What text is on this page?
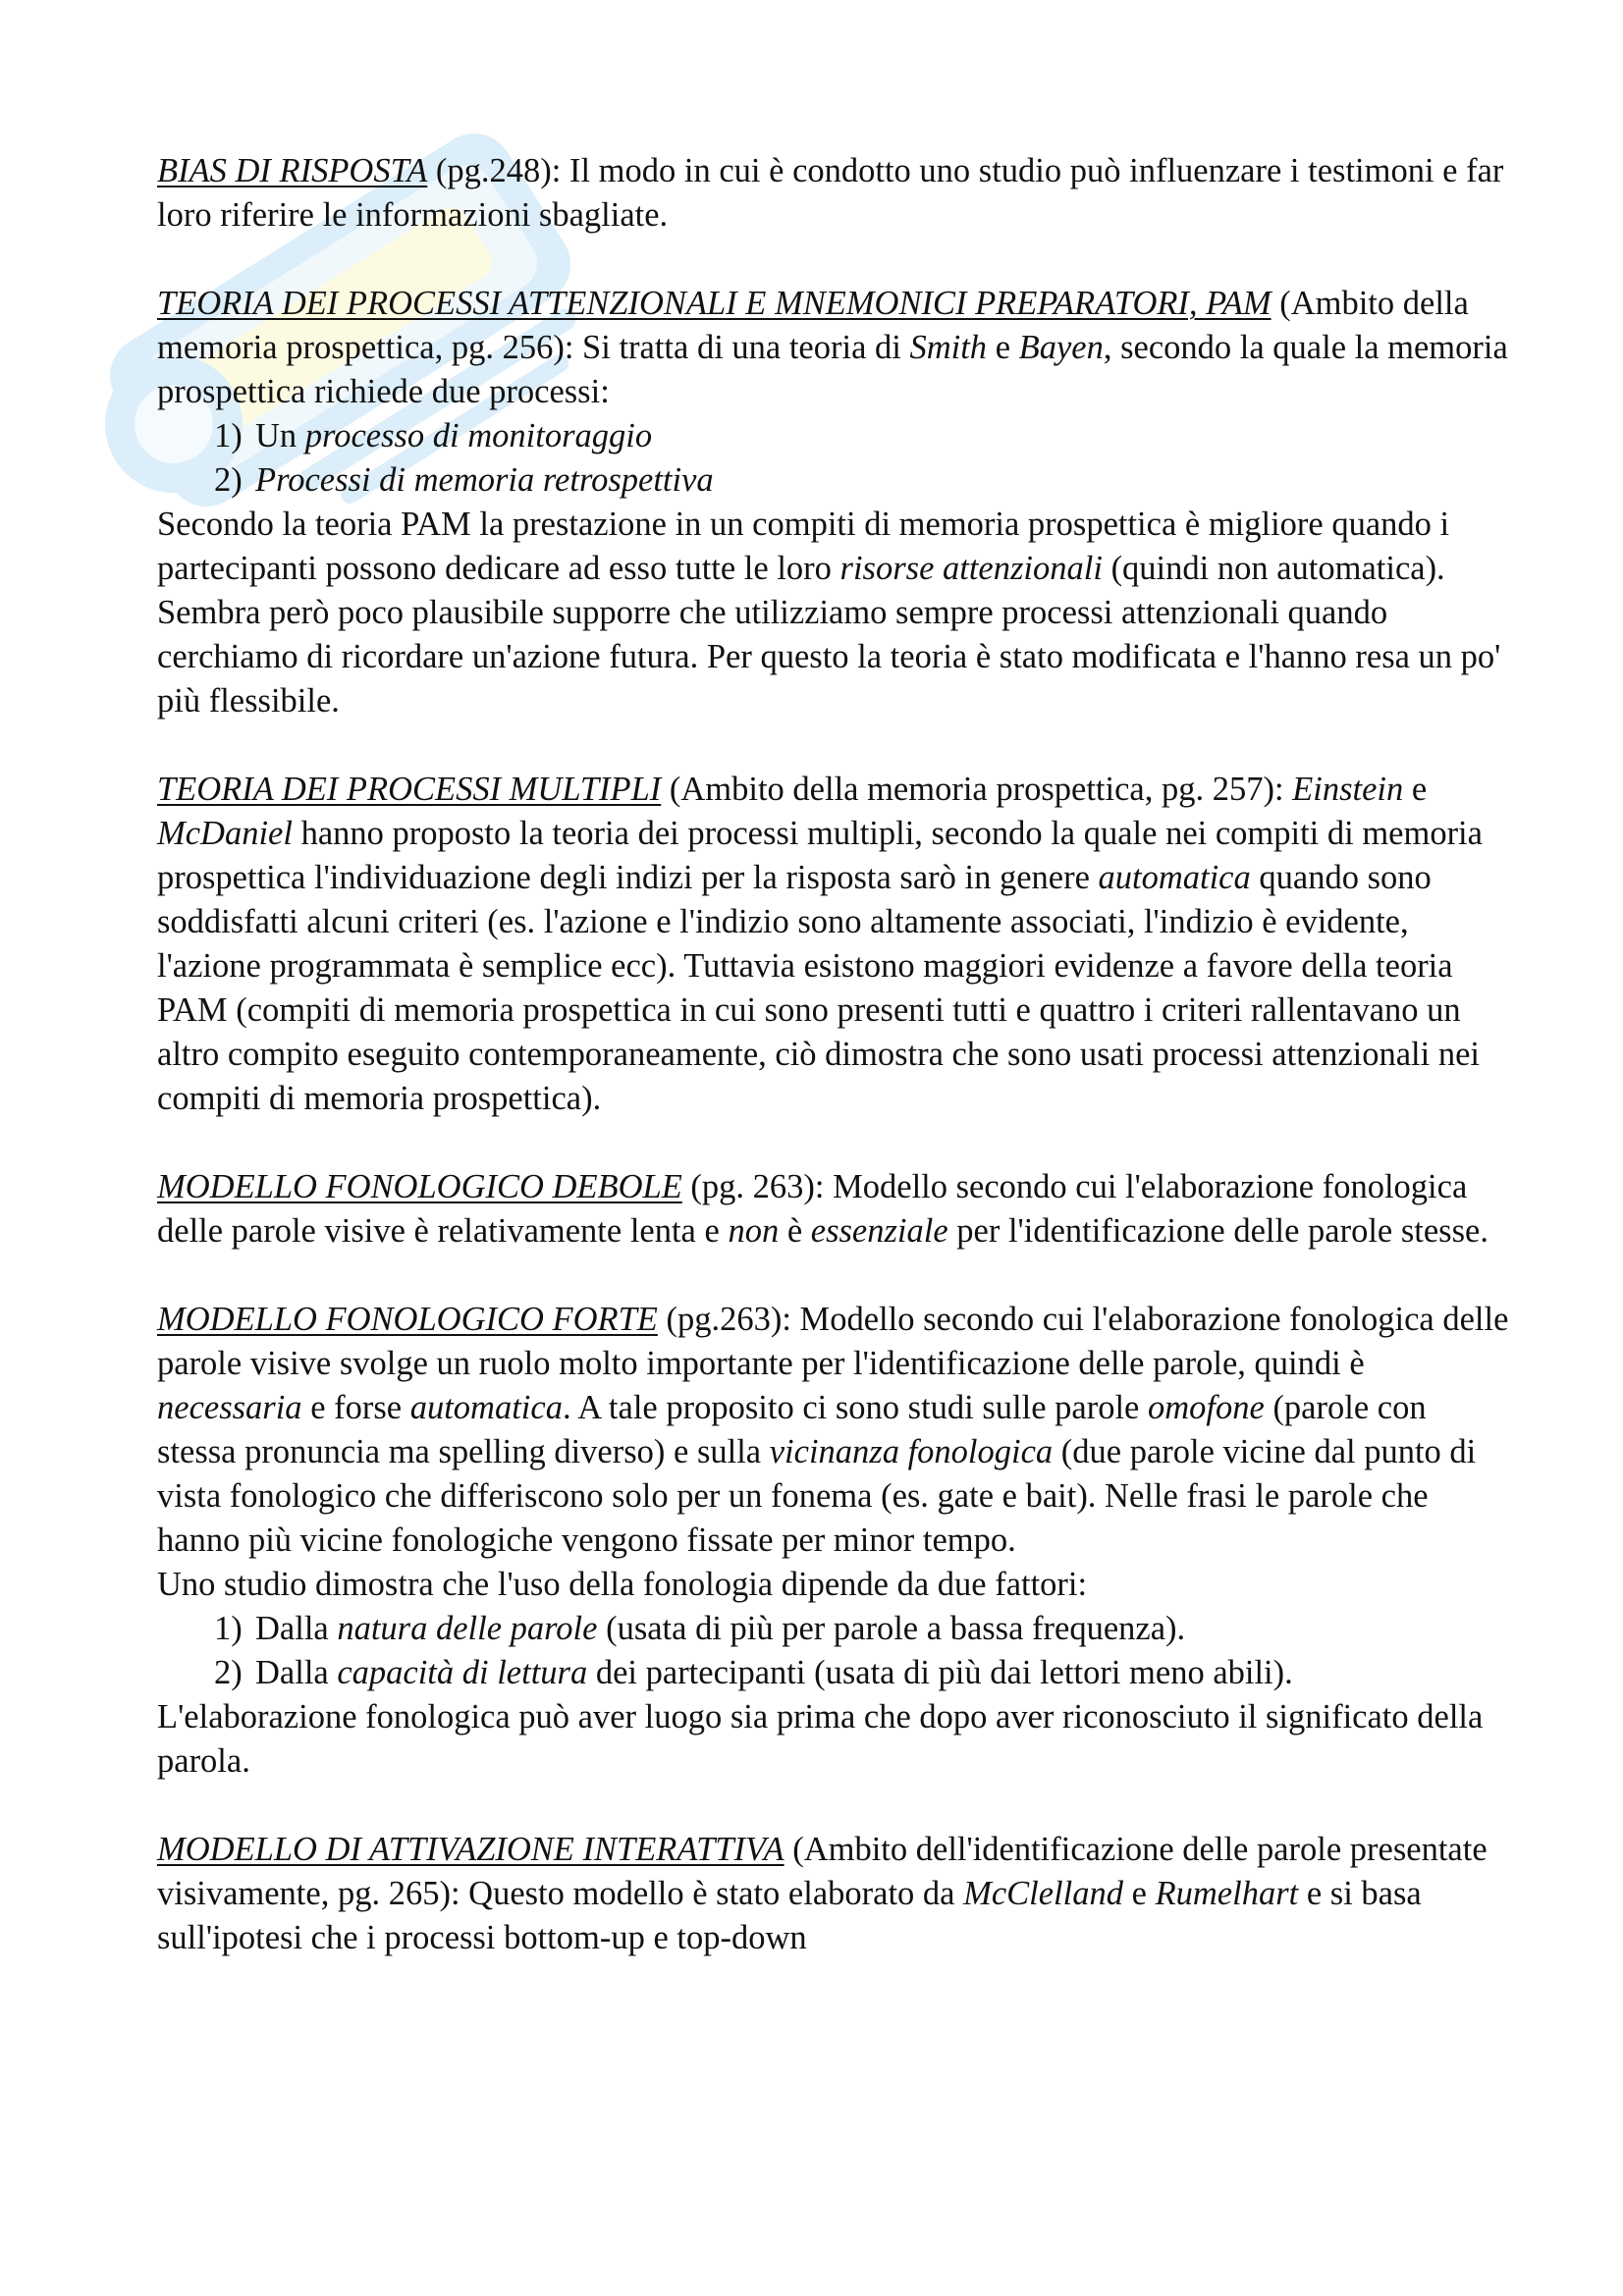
BIAS DI RISPOSTA (pg.248): Il modo in cui è condotto uno studio può influenzare i testimoni e far loro riferire le informazioni sbagliate.

TEORIA DEI PROCESSI ATTENZIONALI E MNEMONICI PREPARATORI, PAM (Ambito della memoria prospettica, pg. 256): Si tratta di una teoria di Smith e Bayen, secondo la quale la memoria prospettica richiede due processi:

1) Un processo di monitoraggio
2) Processi di memoria retrospettiva

Secondo la teoria PAM la prestazione in un compiti di memoria prospettica è migliore quando i partecipanti possono dedicare ad esso tutte le loro risorse attenzionali (quindi non automatica). Sembra però poco plausibile supporre che utilizziamo sempre processi attenzionali quando cerchiamo di ricordare un'azione futura. Per questo la teoria è stato modificata e l'hanno resa un po' più flessibile.

TEORIA DEI PROCESSI MULTIPLI (Ambito della memoria prospettica, pg. 257): Einstein e McDaniel hanno proposto la teoria dei processi multipli, secondo la quale nei compiti di memoria prospettica l'individuazione degli indizi per la risposta sarò in genere automatica quando sono soddisfatti alcuni criteri (es. l'azione e l'indizio sono altamente associati, l'indizio è evidente, l'azione programmata è semplice ecc). Tuttavia esistono maggiori evidenze a favore della teoria PAM (compiti di memoria prospettica in cui sono presenti tutti e quattro i criteri rallentavano un altro compito eseguito contemporaneamente, ciò dimostra che sono usati processi attenzionali nei compiti di memoria prospettica).

MODELLO FONOLOGICO DEBOLE (pg. 263): Modello secondo cui l'elaborazione fonologica delle parole visive è relativamente lenta e non è essenziale per l'identificazione delle parole stesse.

MODELLO FONOLOGICO FORTE (pg.263): Modello secondo cui l'elaborazione fonologica delle parole visive svolge un ruolo molto importante per l'identificazione delle parole, quindi è necessaria e forse automatica. A tale proposito ci sono studi sulle parole omofone (parole con stessa pronuncia ma spelling diverso) e sulla vicinanza fonologica (due parole vicine dal punto di vista fonologico che differiscono solo per un fonema (es. gate e bait). Nelle frasi le parole che hanno più vicine fonologiche vengono fissate per minor tempo.

Uno studio dimostra che l'uso della fonologia dipende da due fattori:

1) Dalla natura delle parole (usata di più per parole a bassa frequenza).
2) Dalla capacità di lettura dei partecipanti (usata di più dai lettori meno abili).

L'elaborazione fonologica può aver luogo sia prima che dopo aver riconosciuto il significato della parola.

MODELLO DI ATTIVAZIONE INTERATTIVA (Ambito dell'identificazione delle parole presentate visivamente, pg. 265): Questo modello è stato elaborato da McClelland e Rumelhart e si basa sull'ipotesi che i processi bottom-up e top-down
